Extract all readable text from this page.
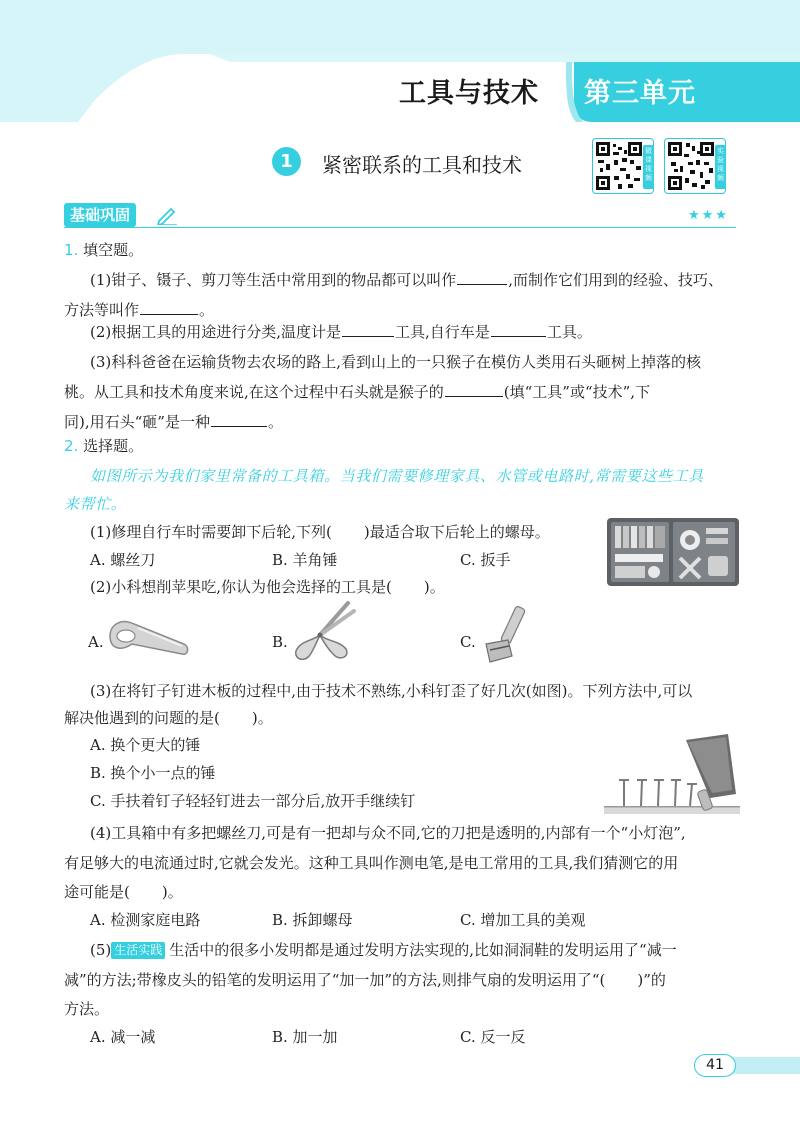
工具与技术 第三单元
1	紧密联系的工具和技术
微课视频
实验视频
基础巩固	★★★
1. 填空题。
(1)钳子、镊子、剪刀等生活中常用到的物品都可以叫作	,而制作它们用到的经验、技巧、
方法等叫作	。
(2)根据工具的用途进行分类,温度计是	工具,自行车是	工具。
(3)科科爸爸在运输货物去农场的路上,看到山上的一只猴子在模仿人类用石头砸树上掉落的核
桃。从工具和技术角度来说,在这个过程中石头就是猴子的	(填“工具”或“技术”,下
同),用石头“砸”是一种	。
2. 选择题。
如图所示为我们家里常备的工具箱。当我们需要修理家具、水管或电路时,常需要这些工具
来帮忙。
(1)修理自行车时需要卸下后轮,下列( )最适合取下后轮上的螺母。
A. 螺丝刀	B. 羊角锤	C. 扳手
(2)小科想削苹果吃,你认为他会选择的工具是( )。
A.	B.	C.
(3)在将钉子钉进木板的过程中,由于技术不熟练,小科钉歪了好几次(如图)。下列方法中,可以
解决他遇到的问题的是( )。
A. 换个更大的锤
B. 换个小一点的锤
C. 手扶着钉子轻轻钉进去一部分后,放开手继续钉
(4)工具箱中有多把螺丝刀,可是有一把却与众不同,它的刀把是透明的,内部有一个“小灯泡”,
有足够大的电流通过时,它就会发光。这种工具叫作测电笔,是电工常用的工具,我们猜测它的用
途可能是( )。
A. 检测家庭电路	B. 拆卸螺母	C. 增加工具的美观
(5) 生活实践 生活中的很多小发明都是通过发明方法实现的,比如洞洞鞋的发明运用了“减一
减”的方法;带橡皮头的铅笔的发明运用了“加一加”的方法,则排气扇的发明运用了“( )”的
方法。
A. 减一减	B. 加一加	C. 反一反
41
